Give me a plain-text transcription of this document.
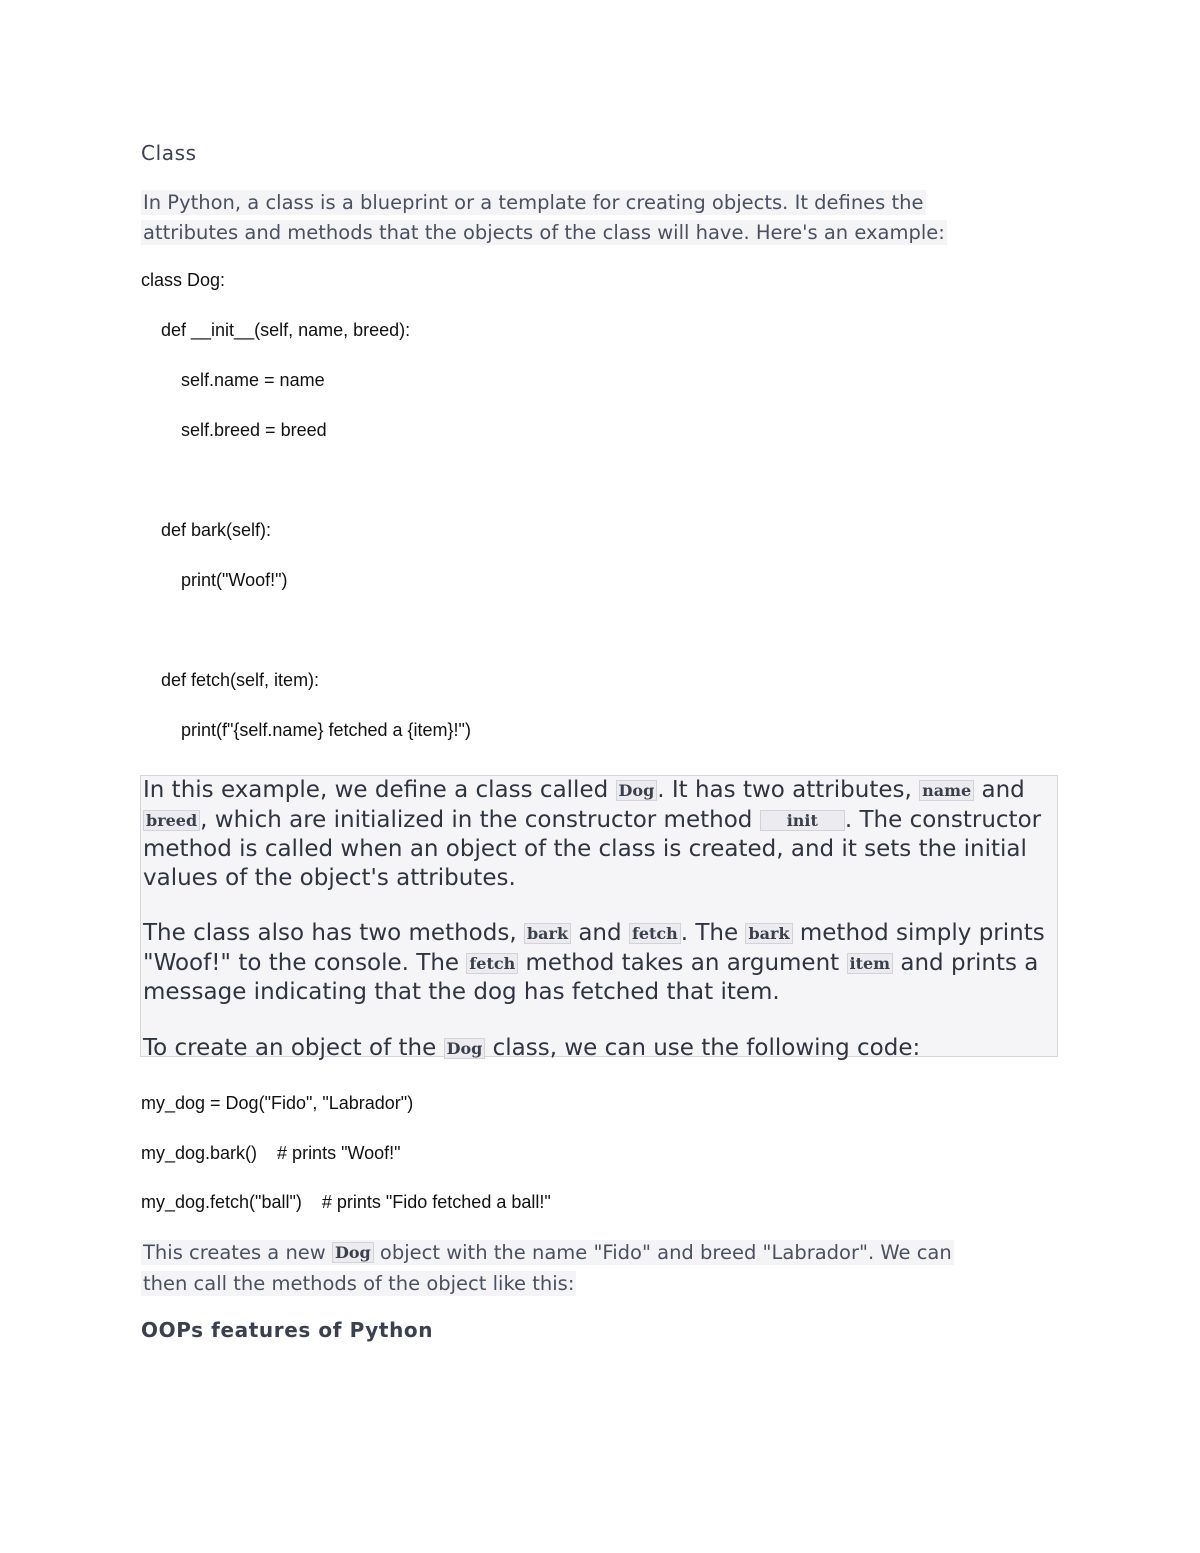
Class
In Python, a class is a blueprint or a template for creating objects. It defines the
attributes and methods that the objects of the class will have. Here's an example:
class Dog:
def __init__(self, name, breed):
self.name = name
self.breed = breed
def bark(self):
print("Woof!")
def fetch(self, item):
print(f"{self.name} fetched a {item}!")

In this example, we define a class called Dog . It has two attributes, name and breed , which are initialized in the constructor method init . The constructor method is called when an object of the class is created, and it sets the initial values of the object's attributes.

The class also has two methods, bark and fetch . The bark method simply prints "Woof!" to the console. The fetch method takes an argument item and prints a message indicating that the dog has fetched that item.

To create an object of the Dog class, we can use the following code:

my_dog = Dog("Fido", "Labrador")
my_dog.bark()    # prints "Woof!"
my_dog.fetch("ball")    # prints "Fido fetched a ball!"
This creates a new Dog object with the name "Fido" and breed "Labrador". We can
then call the methods of the object like this:
OOPs features of Python
